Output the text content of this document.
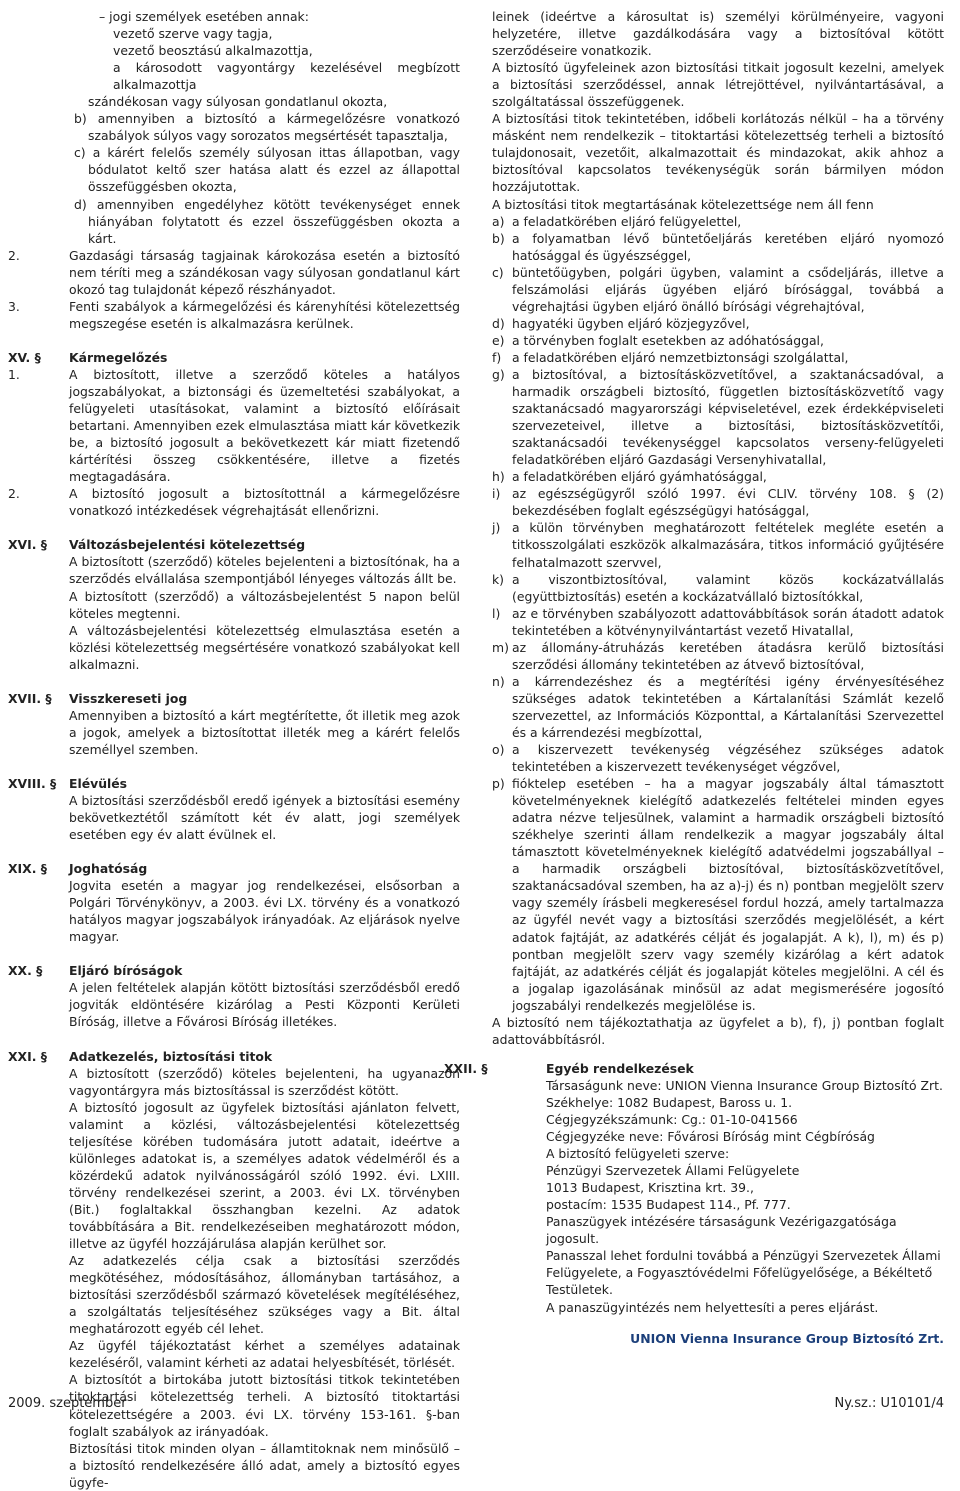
– jogi személyek esetében annak:

vezető szerve vagy tagja,

vezető beosztású alkalmazottja,

a károsodott vagyontárgy kezelésével megbízott alkalmazottja

szándékosan vagy súlyosan gondatlanul okozta,

b) amennyiben a biztosító a kármegelőzésre vonatkozó szabályok súlyos vagy sorozatos megsértését tapasztalja,

c) a kárért felelős személy súlyosan ittas állapotban, vagy bódulatot keltő szer hatása alatt és ezzel az állapottal összefüggésben okozta,

d) amennyiben engedélyhez kötött tevékenységet ennek hiányában folytatott és ezzel összefüggésben okozta a kárt.

2.	Gazdasági társaság tagjainak károkozása esetén a biztosító nem téríti meg a szándékosan vagy súlyosan gondatlanul kárt okozó tag tulajdonát képező részhányadot.
3.	Fenti szabályok a kármegelőzési és kárenyhítési kötelezettség megszegése esetén is alkalmazásra kerülnek.
XV. § Kármegelőzés
1.	A biztosított, illetve a szerződő köteles a hatályos jogszabályokat, a biztonsági és üzemeltetési szabályokat, a felügyeleti utasításokat, valamint a biztosító előírásait betartani. Amennyiben ezek elmulasztása miatt kár következik be, a biztosító jogosult a bekövetkezett kár miatt fizetendő kártérítési összeg csökkentésére, illetve a fizetés megtagadására.
2.	A biztosító jogosult a biztosítottnál a kármegelőzésre vonatkozó intézkedések végrehajtását ellenőrizni.
XVI. § Változásbejelentési kötelezettség

A biztosított (szerződő) köteles bejelenteni a biztosítónak, ha a szerződés elvállalása szempontjából lényeges változás állt be.

A biztosított (szerződő) a változásbejelentést 5 napon belül köteles megtenni.

A változásbejelentési kötelezettség elmulasztása esetén a közlési kötelezettség megsértésére vonatkozó szabályokat kell alkalmazni.

XVII. § Visszkereseti jog

Amennyiben a biztosító a kárt megtérítette, őt illetik meg azok a jogok, amelyek a biztosítottat illeték meg a kárért felelős személlyel szemben.

XVIII. § Elévülés

A biztosítási szerződésből eredő igények a biztosítási esemény bekövetkeztétől számított két év alatt, jogi személyek esetében egy év alatt évülnek el.

XIX. § Joghatóság

Jogvita esetén a magyar jog rendelkezései, elsősorban a Polgári Törvénykönyv, a 2003. évi LX. törvény és a vonatkozó hatályos magyar jogszabályok irányadóak. Az eljárások nyelve magyar.

XX. § Eljáró bíróságok

A jelen feltételek alapján kötött biztosítási szerződésből eredő jogviták eldöntésére kizárólag a Pesti Központi Kerületi Bíróság, illetve a Fővárosi Bíróság illetékes.

XXI. § Adatkezelés, biztosítási titok

A biztosított (szerződő) köteles bejelenteni, ha ugyanazon vagyontárgyra más biztosítással is szerződést kötött.

A biztosító jogosult az ügyfelek biztosítási ajánlaton felvett, valamint a közlési, változásbejelentési kötelezettség teljesítése körében tudomására jutott adatait, ideértve a különleges adatokat is, a személyes adatok védelméről és a közérdekű adatok nyilvánosságáról szóló 1992. évi. LXIII. törvény rendelkezései szerint, a 2003. évi LX. törvényben (Bit.) foglaltakkal összhangban kezelni. Az adatok továbbítására a Bit. rendelkezéseiben meghatározott módon, illetve az ügyfél hozzájárulása alapján kerülhet sor.

Az adatkezelés célja csak a biztosítási szerződés megkötéséhez, módosításához, állományban tartásához, a biztosítási szerződésből származó követelések megítéléséhez, a szolgáltatás teljesítéséhez szükséges vagy a Bit. által meghatározott egyéb cél lehet.

Az ügyfél tájékoztatást kérhet a személyes adatainak kezeléséről, valamint kérheti az adatai helyesbítését, törlését.

A biztosítót a birtokába jutott biztosítási titkok tekintetében titoktartási kötelezettség terheli. A biztosító titoktartási kötelezettségére a 2003. évi LX. törvény 153-161. §-ban foglalt szabályok az irányadóak.

Biztosítási titok minden olyan – államtitoknak nem minősülő – a biztosító rendelkezésére álló adat, amely a biztosító egyes ügyfe-

leinek (ideértve a károsultat is) személyi körülményeire, vagyoni helyzetére, illetve gazdálkodására vagy a biztosítóval kötött szerződéseire vonatkozik.

A biztosító ügyfeleinek azon biztosítási titkait jogosult kezelni, amelyek a biztosítási szerződéssel, annak létrejöttével, nyilvántartásával, a szolgáltatással összefüggenek.

A biztosítási titok tekintetében, időbeli korlátozás nélkül – ha a törvény másként nem rendelkezik – titoktartási kötelezettség terheli a biztosító tulajdonosait, vezetőit, alkalmazottait és mindazokat, akik ahhoz a biztosítóval kapcsolatos tevékenységük során bármilyen módon hozzájutottak.

A biztosítási titok megtartásának kötelezettsége nem áll fenn

a) a feladatkörében eljáró felügyelettel,
b) a folyamatban lévő büntetőeljárás keretében eljáró nyomozó hatósággal és ügyészséggel,
c) büntetőügyben, polgári ügyben, valamint a csődeljárás, illetve a felszámolási eljárás ügyében eljáró bírósággal, továbbá a végrehajtási ügyben eljáró önálló bírósági végrehajtóval,
d) hagyatéki ügyben eljáró közjegyzővel,
e) a törvényben foglalt esetekben az adóhatósággal,
f) a feladatkörében eljáró nemzetbiztonsági szolgálattal,
g) a biztosítóval, a biztosításközvetítővel, a szaktanácsadóval, a harmadik országbeli biztosító, független biztosításközvetítő vagy szaktanácsadó magyarországi képviseletével, ezek érdekképviseleti szervezeteivel, illetve a biztosítási, biztosításközvetítői, szaktanácsadói tevékenységgel kapcsolatos verseny-felügyeleti feladatkörében eljáró Gazdasági Versenyhivatallal,
h) a feladatkörében eljáró gyámhatósággal,
i) az egészségügyről szóló 1997. évi CLIV. törvény 108. § (2) bekezdésében foglalt egészségügyi hatósággal,
j) a külön törvényben meghatározott feltételek megléte esetén a titkosszolgálati eszközök alkalmazására, titkos információ gyűjtésére felhatalmazott szervvel,
k) a viszontbiztosítóval, valamint közös kockázatvállalás (együttbiztosítás) esetén a kockázatvállaló biztosítókkal,
l) az e törvényben szabályozott adattovábbítások során átadott adatok tekintetében a kötvénynyilvántartást vezető Hivatallal,
m) az állomány-átruházás keretében átadásra kerülő biztosítási szerződési állomány tekintetében az átvevő biztosítóval,
n) a kárrendezéshez és a megtérítési igény érvényesítéséhez szükséges adatok tekintetében a Kártalanítási Számlát kezelő szervezettel, az Információs Központtal, a Kártalanítási Szervezettel és a kárrendezési megbízottal,
o) a kiszervezett tevékenység végzéséhez szükséges adatok tekintetében a kiszervezett tevékenységet végzővel,
p) fióktelep esetében – ha a magyar jogszabály által támasztott követelményeknek kielégítő adatkezelés feltételei minden egyes adatra nézve teljesülnek, valamint a harmadik országbeli biztosító székhelye szerinti állam rendelkezik a magyar jogszabály által támasztott követelményeknek kielégítő adatvédelmi jogszabállyal – a harmadik országbeli biztosítóval, biztosításközvetítővel, szaktanácsadóval szemben, ha az a)-j) és n) pontban megjelölt szerv vagy személy írásbeli megkeresésel fordul hozzá, amely tartalmazza az ügyfél nevét vagy a biztosítási szerződés megjelölését, a kért adatok fajtáját, az adatkérés célját és jogalapját. A k), l), m) és p) pontban megjelölt szerv vagy személy kizárólag a kért adatok fajtáját, az adatkérés célját és jogalapját köteles megjelölni. A cél és a jogalap igazolásának minősül az adat megismerésére jogosító jogszabályi rendelkezés megjelölése is.

A biztosító nem tájékoztathatja az ügyfelet a b), f), j) pontban foglalt adattovábbításról.

XXII. §	Egyéb rendelkezések

Társaságunk neve: UNION Vienna Insurance Group Biztosító Zrt.

Székhelye: 1082 Budapest, Baross u. 1.

Cégjegyzékszámunk: Cg.: 01-10-041566

Cégjegyzéke neve: Fővárosi Bíróság mint Cégbíróság

A biztosító felügyeleti szerve:

Pénzügyi Szervezetek Állami Felügyelete

1013 Budapest, Krisztina krt. 39.,

postacím: 1535 Budapest 114., Pf. 777.

Panaszügyek intézésére társaságunk Vezérigazgatósága jogosult.

Panasszal lehet fordulni továbbá a Pénzügyi Szervezetek Állami Felügyelete, a Fogyasztóvédelmi Főfelügyelősége, a Békéltető Testületek.

A panaszügyintézés nem helyettesíti a peres eljárást.

UNION Vienna Insurance Group Biztosító Zrt.
2009. szeptember	Ny.sz.: U10101/4
